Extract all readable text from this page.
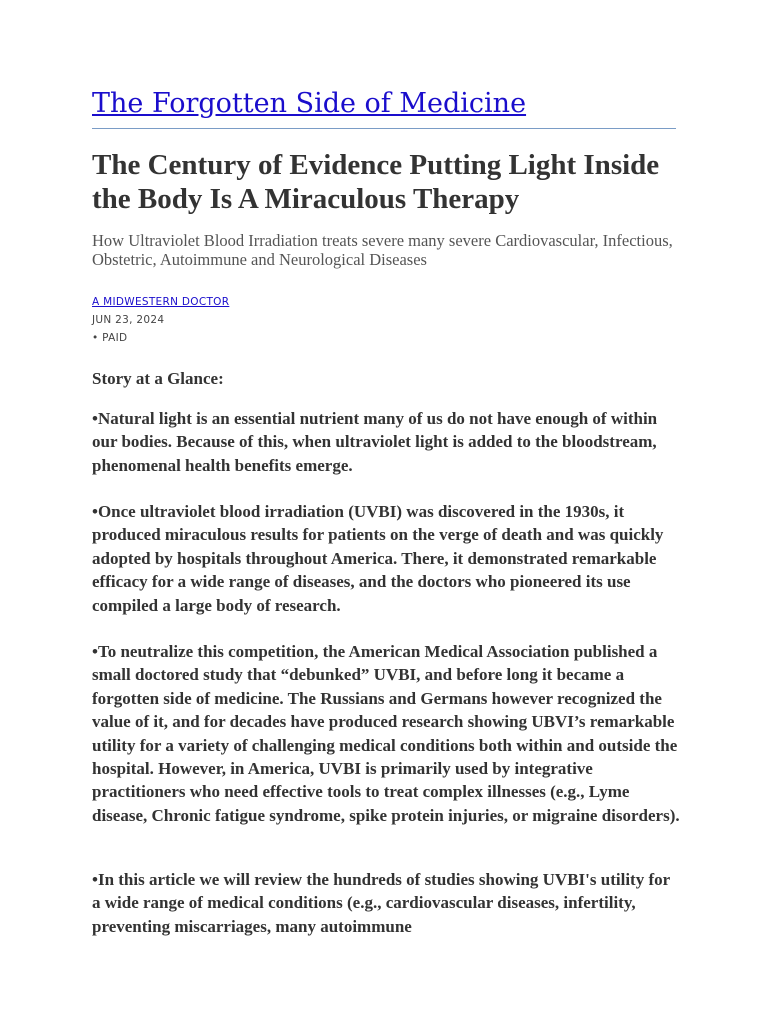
The Forgotten Side of Medicine
The Century of Evidence Putting Light Inside the Body Is A Miraculous Therapy

How Ultraviolet Blood Irradiation treats severe many severe Cardiovascular, Infectious, Obstetric, Autoimmune and Neurological Diseases

A MIDWESTERN DOCTOR

JUN 23, 2024

• PAID

Story at a Glance:

•Natural light is an essential nutrient many of us do not have enough of within our bodies. Because of this, when ultraviolet light is added to the bloodstream, phenomenal health benefits emerge.

•Once ultraviolet blood irradiation (UVBI) was discovered in the 1930s, it produced miraculous results for patients on the verge of death and was quickly adopted by hospitals throughout America. There, it demonstrated remarkable efficacy for a wide range of diseases, and the doctors who pioneered its use compiled a large body of research.

•To neutralize this competition, the American Medical Association published a small doctored study that “debunked” UVBI, and before long it became a forgotten side of medicine. The Russians and Germans however recognized the value of it, and for decades have produced research showing UBVI’s remarkable utility for a variety of challenging medical conditions both within and outside the hospital. However, in America, UVBI is primarily used by integrative practitioners who need effective tools to treat complex illnesses (e.g., Lyme disease, Chronic fatigue syndrome, spike protein injuries, or migraine disorders).

•In this article we will review the hundreds of studies showing UVBI's utility for a wide range of medical conditions (e.g., cardiovascular diseases, infertility, preventing miscarriages, many autoimmune
